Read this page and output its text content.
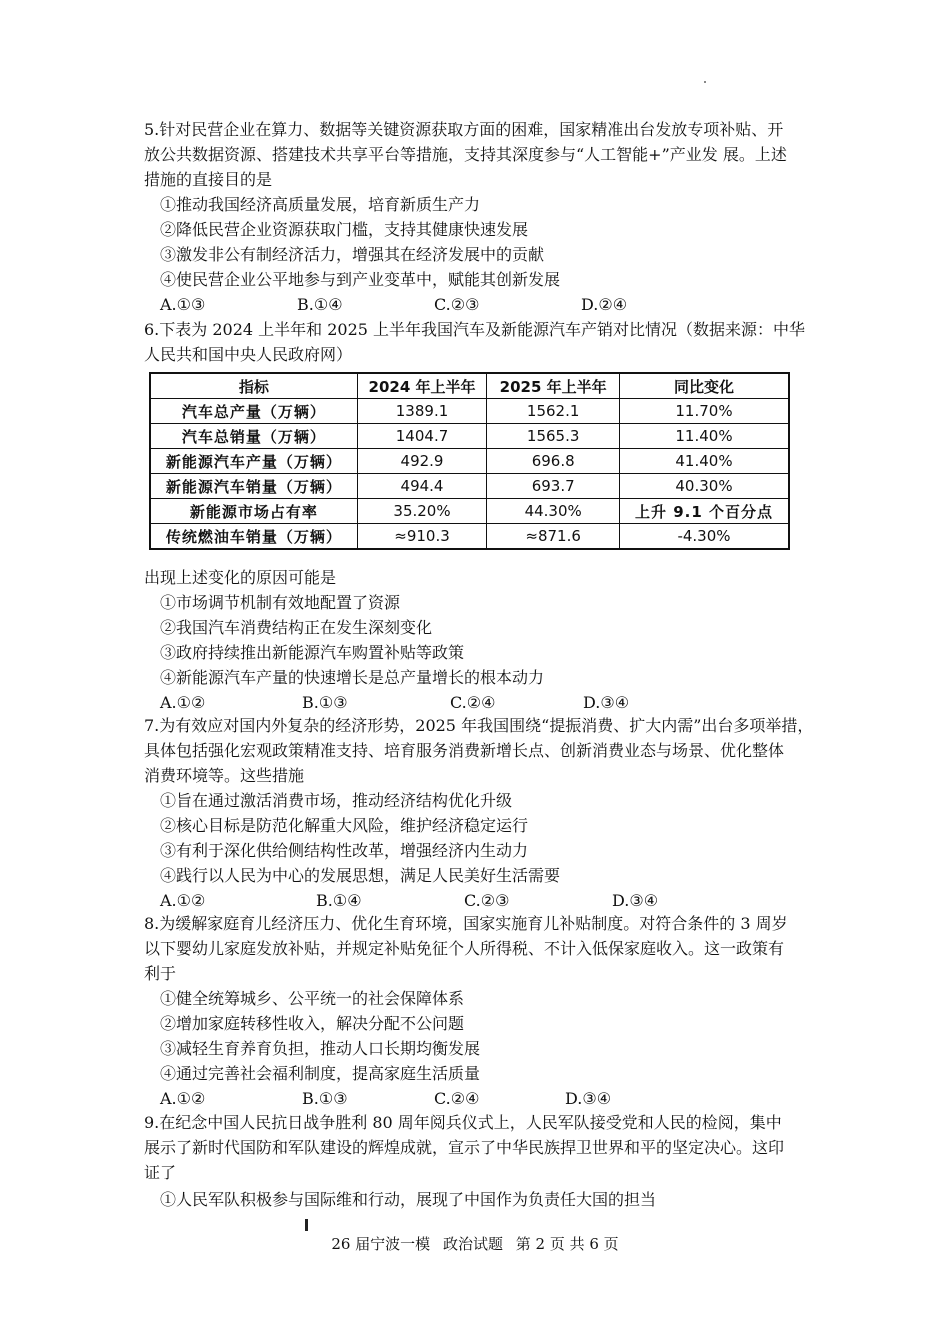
5.针对民营企业在算力、数据等关键资源获取方面的困难，国家精准出台发放专项补贴、开
放公共数据资源、搭建技术共享平台等措施，支持其深度参与“人工智能+”产业发 展。上述
措施的直接目的是
①推动我国经济高质量发展，培育新质生产力
②降低民营企业资源获取门槛，支持其健康快速发展
③激发非公有制经济活力，增强其在经济发展中的贡献
④使民营企业公平地参与到产业变革中，赋能其创新发展
A.①③	B.①④	C.②③	D.②④
6.下表为 2024 上半年和 2025 上半年我国汽车及新能源汽车产销对比情况（数据来源：中华
人民共和国中央人民政府网）
指标	2024 年上半年	2025 年上半年	同比变化
汽车总产量（万辆）	1389.1	1562.1	11.70%
汽车总销量（万辆）	1404.7	1565.3	11.40%
新能源汽车产量（万辆）	492.9	696.8	41.40%
新能源汽车销量（万辆）	494.4	693.7	40.30%
新能源市场占有率	35.20%	44.30%	上升 9.1 个百分点
传统燃油车销量（万辆）	≈910.3	≈871.6	-4.30%
出现上述变化的原因可能是
①市场调节机制有效地配置了资源
②我国汽车消费结构正在发生深刻变化
③政府持续推出新能源汽车购置补贴等政策
④新能源汽车产量的快速增长是总产量增长的根本动力
A.①②	B.①③	C.②④	D.③④
7.为有效应对国内外复杂的经济形势，2025 年我国围绕“提振消费、扩大内需”出台多项举措，
具体包括强化宏观政策精准支持、培育服务消费新增长点、创新消费业态与场景、优化整体
消费环境等。这些措施
①旨在通过激活消费市场，推动经济结构优化升级
②核心目标是防范化解重大风险，维护经济稳定运行
③有利于深化供给侧结构性改革，增强经济内生动力
④践行以人民为中心的发展思想，满足人民美好生活需要
A.①②	B.①④	C.②③	D.③④
8.为缓解家庭育儿经济压力、优化生育环境，国家实施育儿补贴制度。对符合条件的 3 周岁
以下婴幼儿家庭发放补贴，并规定补贴免征个人所得税、不计入低保家庭收入。这一政策有
利于
①健全统筹城乡、公平统一的社会保障体系
②增加家庭转移性收入，解决分配不公问题
③减轻生育养育负担，推动人口长期均衡发展
④通过完善社会福利制度，提高家庭生活质量
A.①②	B.①③	C.②④	D.③④
9.在纪念中国人民抗日战争胜利 80 周年阅兵仪式上，人民军队接受党和人民的检阅，集中
展示了新时代国防和军队建设的辉煌成就，宣示了中华民族捍卫世界和平的坚定决心。这印
证了
①人民军队积极参与国际维和行动，展现了中国作为负责任大国的担当
26 届宁波一模 政治试题 第 2 页 共 6 页
